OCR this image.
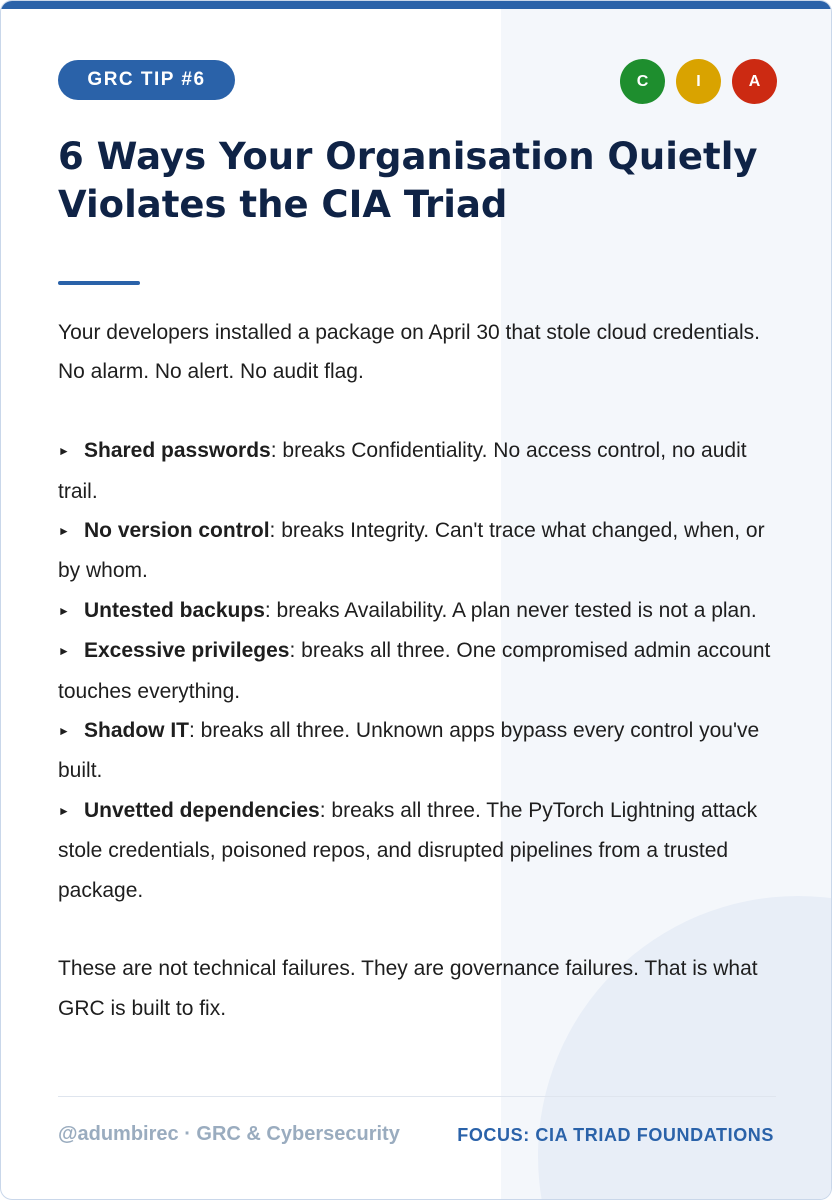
GRC TIP #6	C	I	A
6 Ways Your Organisation Quietly Violates the CIA Triad

Your developers installed a package on April 30 that stole cloud credentials. No alarm. No alert. No audit flag.

► Shared passwords: breaks Confidentiality. No access control, no audit trail.
► No version control: breaks Integrity. Can't trace what changed, when, or by whom.
► Untested backups: breaks Availability. A plan never tested is not a plan.
► Excessive privileges: breaks all three. One compromised admin account touches everything.
► Shadow IT: breaks all three. Unknown apps bypass every control you've built.
► Unvetted dependencies: breaks all three. The PyTorch Lightning attack stole credentials, poisoned repos, and disrupted pipelines from a trusted package.

These are not technical failures. They are governance failures. That is what GRC is built to fix.

@adumbirec · GRC & Cybersecurity	FOCUS: CIA TRIAD FOUNDATIONS
